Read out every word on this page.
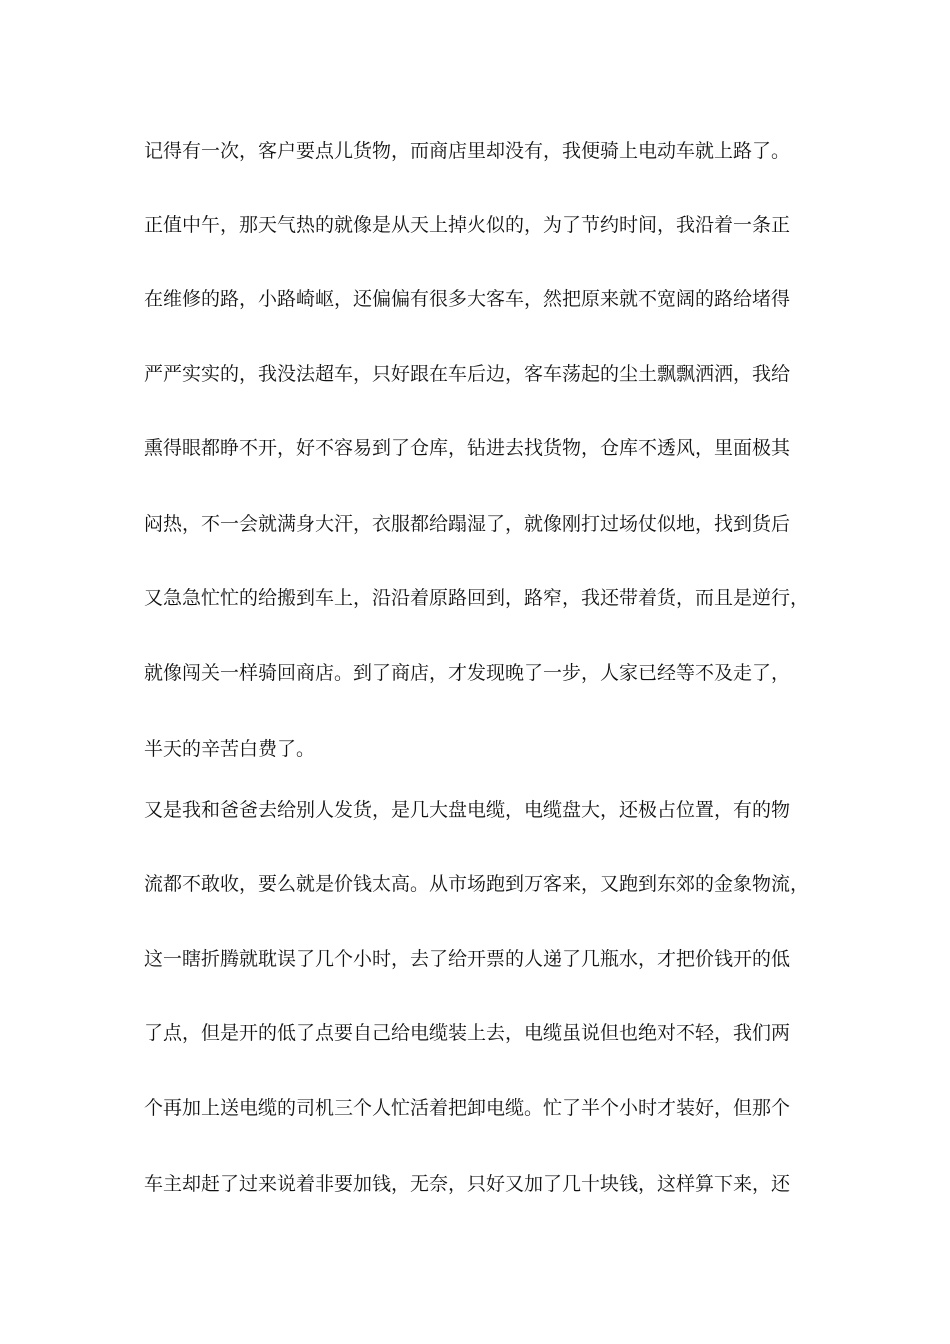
记得有一次，客户要点儿货物，而商店里却没有，我便骑上电动车就上路了。
正值中午，那天气热的就像是从天上掉火似的，为了节约时间，我沿着一条正
在维修的路，小路崎岖，还偏偏有很多大客车，然把原来就不宽阔的路给堵得
严严实实的，我没法超车，只好跟在车后边，客车荡起的尘土飘飘洒洒，我给
熏得眼都睁不开，好不容易到了仓库，钻进去找货物，仓库不透风，里面极其
闷热，不一会就满身大汗，衣服都给蹋湿了，就像刚打过场仗似地，找到货后
又急急忙忙的给搬到车上，沿沿着原路回到，路窄，我还带着货，而且是逆行，
就像闯关一样骑回商店。到了商店，才发现晚了一步，人家已经等不及走了，
半天的辛苦白费了。
又是我和爸爸去给别人发货，是几大盘电缆，电缆盘大，还极占位置，有的物
流都不敢收，要么就是价钱太高。从市场跑到万客来，又跑到东郊的金象物流，
这一瞎折腾就耽误了几个小时，去了给开票的人递了几瓶水，才把价钱开的低
了点，但是开的低了点要自己给电缆装上去，电缆虽说但也绝对不轻，我们两
个再加上送电缆的司机三个人忙活着把卸电缆。忙了半个小时才装好，但那个
车主却赶了过来说着非要加钱，无奈，只好又加了几十块钱，这样算下来，还
